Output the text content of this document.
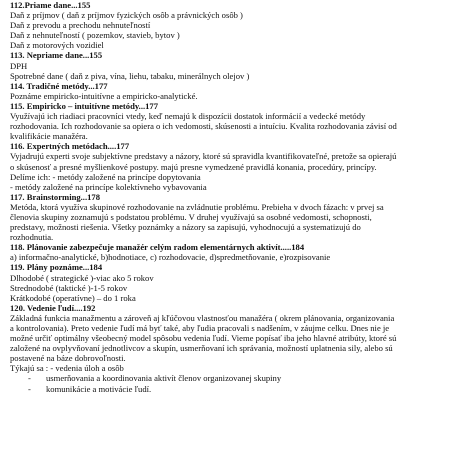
112.Priame dane...155
Daň z príjmov ( daň z príjmov fyzických osôb a právnických osôb )
Daň z prevodu a prechodu nehnuteľností
Daň z nehnuteľností ( pozemkov, stavieb, bytov )
Daň z motorových vozidiel
113. Nepriame dane...155
DPH
Spotrebné dane ( daň z piva, vína, liehu, tabaku, minerálnych olejov )
114. Tradičné metódy...177
Poznáme empiricko-intuitívne a empiricko-analytické.
115. Empiricko – intuitívne metódy...177
Využívajú ich riadiaci pracovníci vtedy, keď nemajú k dispozícii dostatok informácií a vedecké metódy
rozhodovania. Ich rozhodovanie sa opiera o ich vedomosti, skúsenosti a intuíciu. Kvalita rozhodovania závisí od
kvalifikácie manažéra.
116. Expertných metódach....177
Vyjadrujú experti svoje subjektívne predstavy a názory, ktoré sú spravidla kvantifikovateľné, pretože sa opierajú
o skúsenosť a presné myšlienkové postupy. majú presne vymedzené pravidlá konania, procedúry, princípy.
Delíme ich: - metódy založené na princípe dopytovania
- metódy založené na princípe kolektívneho vybavovania
117. Brainstorming...178
Metóda, ktorá využíva skupinové rozhodovanie na zvládnutie problému. Prebieha v dvoch fázach: v prvej sa
členovia skupiny zoznamujú s podstatou problému. V druhej využívajú sa osobné vedomosti, schopnosti,
predstavy, možnosti riešenia. Všetky poznámky a názory sa zapisujú, vyhodnocujú a systematizujú do
rozhodnutia.
118. Plánovanie zabezpečuje manažér celým radom elementárnych aktivít.....184
a) informačno-analytické, b)hodnotiace, c) rozhodovacie, d)spredmetňovanie, e)rozpisovanie
119. Plány poznáme...184
Dlhodobé ( strategické )-viac ako 5 rokov
Strednodobé (taktické )-1-5 rokov
Krátkodobé (operatívne) – do 1 roka
120. Vedenie ľudí....192
Základná funkcia manažmentu a zároveň aj kľúčovou vlastnosťou manažéra ( okrem plánovania, organizovania
a kontrolovania). Preto vedenie ľudí má byť také, aby ľudia pracovali s nadšením, v záujme celku. Dnes nie je
možné určiť optimálny všeobecný model spôsobu vedenia ľudí. Vieme popísať iba jeho hlavné atribúty, ktoré sú
založené na ovplyvňovaní jednotlivcov a skupín, usmerňovaní ich správania, možností uplatnenia sily, alebo sú
postavené na báze dobrovoľnosti.
Týkajú sa : - vedenia úloh a osôb
-	usmerňovania a koordinovania aktivít členov organizovanej skupiny
-	komunikácie a motivácie ľudí.
